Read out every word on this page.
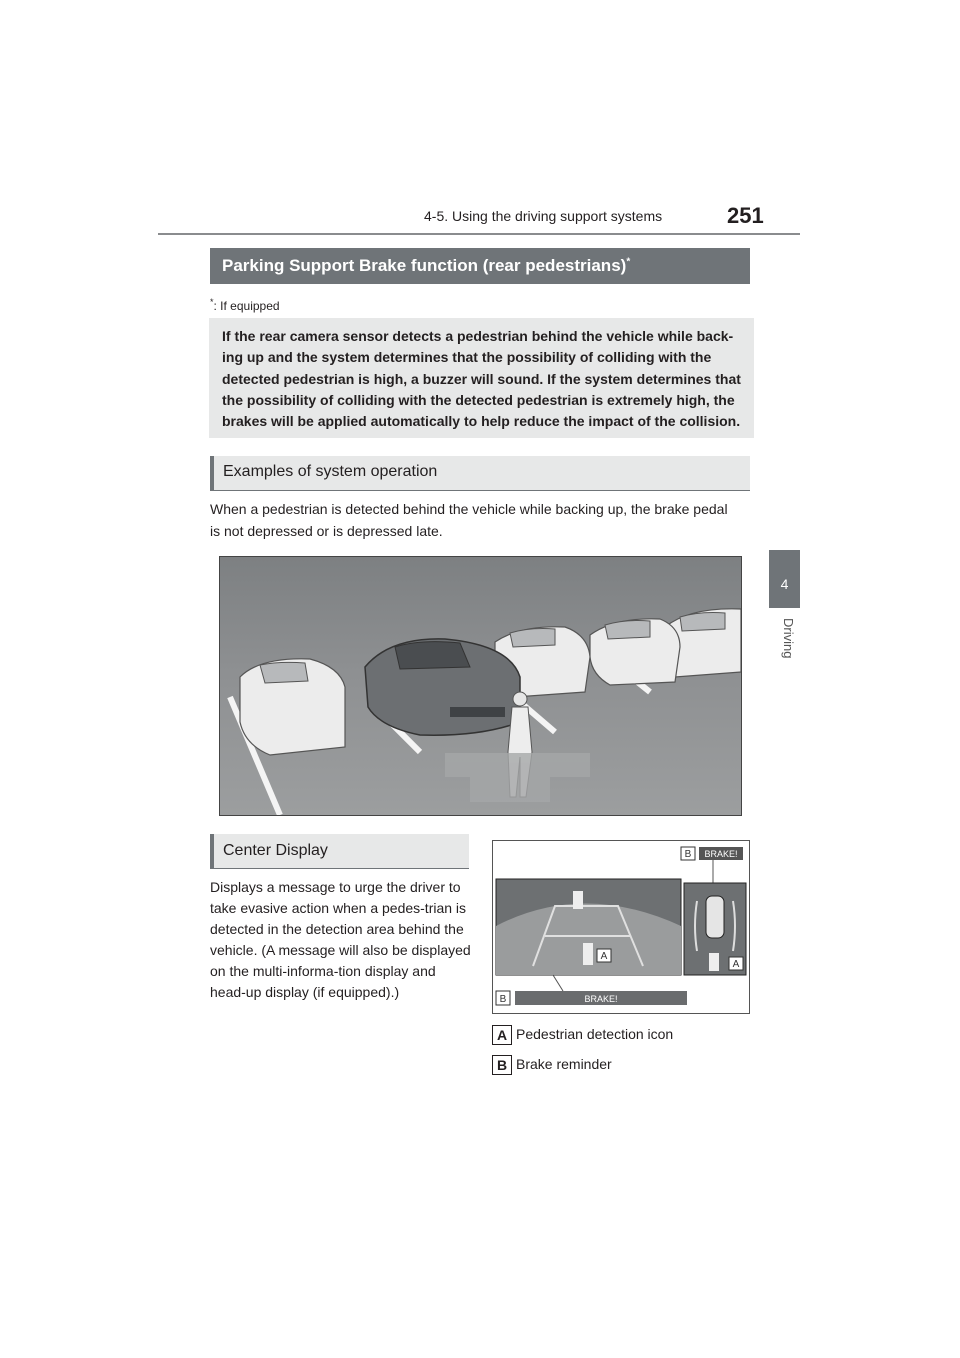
4-5. Using the driving support systems	251
4
Driving
Parking Support Brake function (rear pedestrians)*
*: If equipped
If the rear camera sensor detects a pedestrian behind the vehicle while back-ing up and the system determines that the possibility of colliding with the detected pedestrian is high, a buzzer will sound. If the system determines that the possibility of colliding with the detected pedestrian is extremely high, the brakes will be applied automatically to help reduce the impact of the collision.
Examples of system operation
When a pedestrian is detected behind the vehicle while backing up, the brake pedal is not depressed or is depressed late.
Center Display
Displays a message to urge the driver to take evasive action when a pedes-trian is detected in the detection area behind the vehicle. (A message will also be displayed on the multi-informa-tion display and head-up display (if equipped).)
B BRAKE!
A
A
B	BRAKE!
A Pedestrian detection icon
B Brake reminder
